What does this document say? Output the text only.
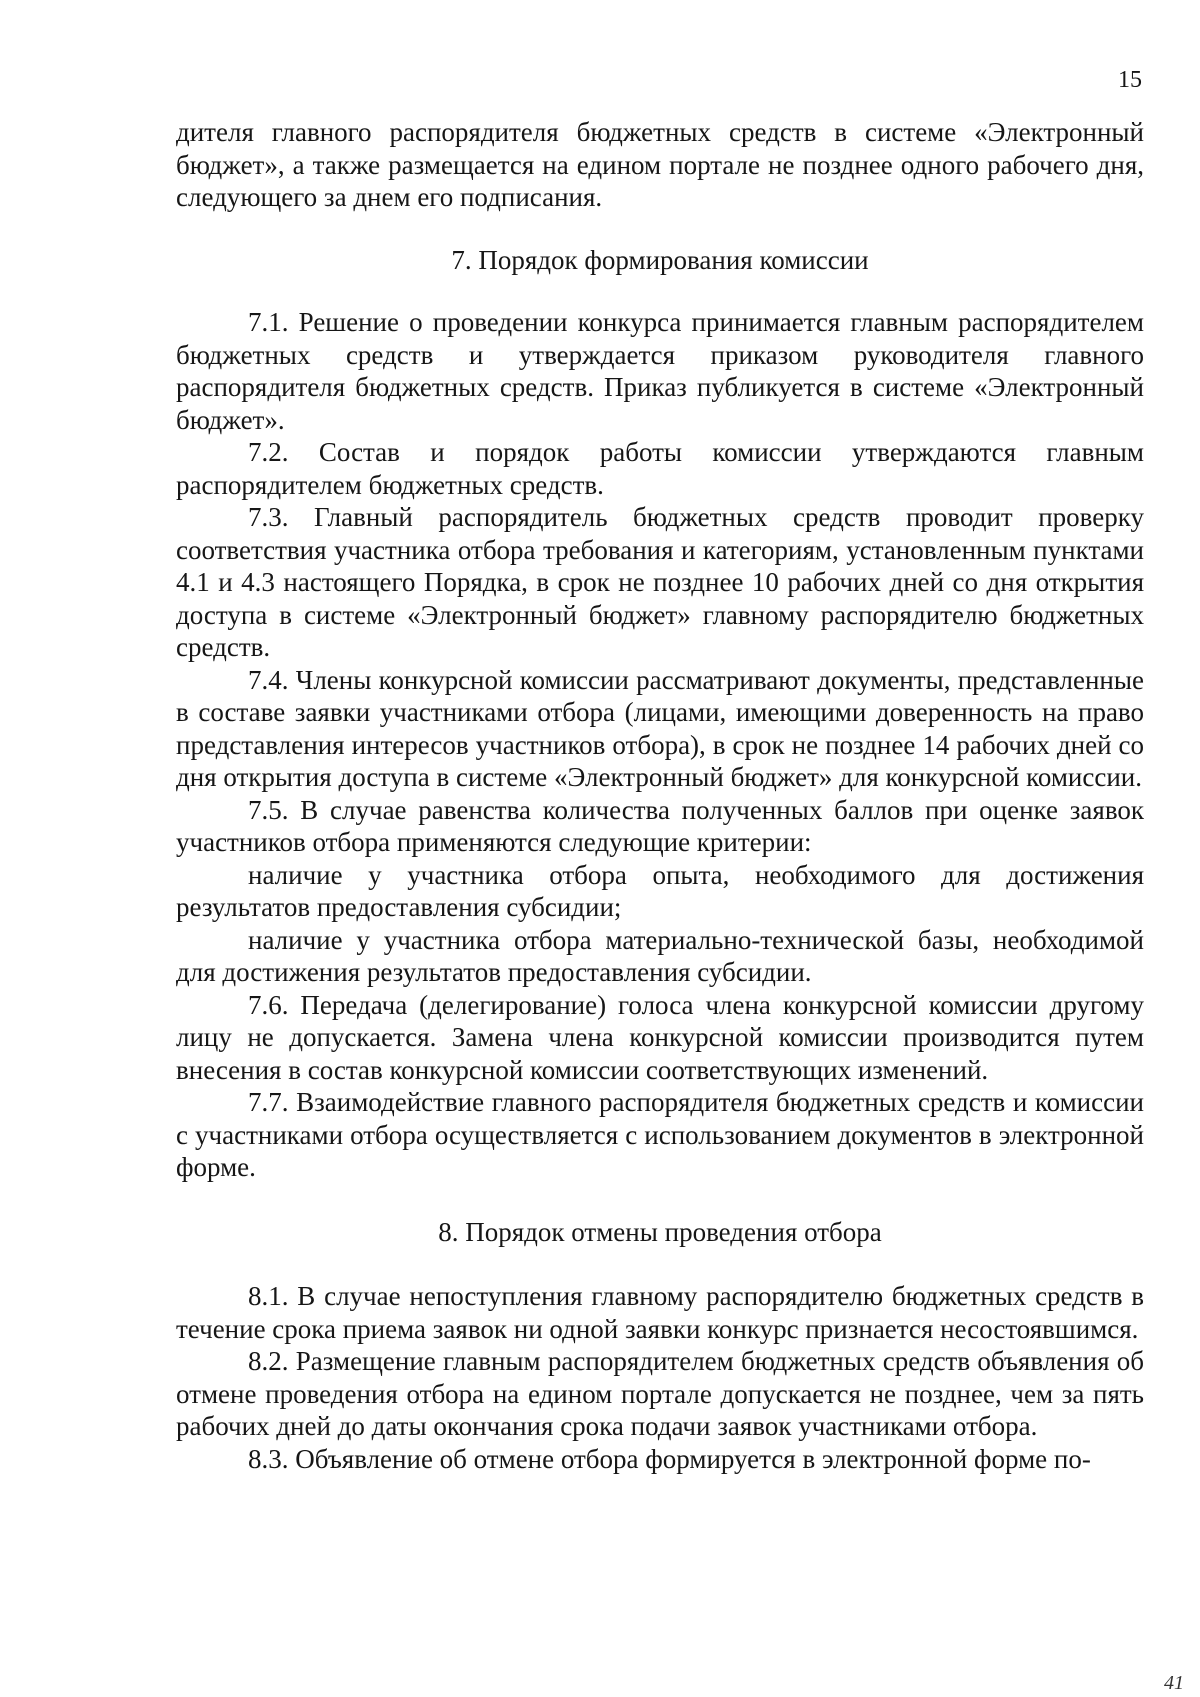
15

дителя главного распорядителя бюджетных средств в системе «Электронный бюджет», а также размещается на едином портале не позднее одного рабочего дня, следующего за днем его подписания.

7. Порядок формирования комиссии

7.1. Решение о проведении конкурса принимается главным распорядителем бюджетных средств и утверждается приказом руководителя главного распорядителя бюджетных средств. Приказ публикуется в системе «Электронный бюджет».

7.2. Состав и порядок работы комиссии утверждаются главным распорядителем бюджетных средств.

7.3. Главный распорядитель бюджетных средств проводит проверку соответствия участника отбора требования и категориям, установленным пунктами 4.1 и 4.3 настоящего Порядка, в срок не позднее 10 рабочих дней со дня открытия доступа в системе «Электронный бюджет» главному распорядителю бюджетных средств.

7.4. Члены конкурсной комиссии рассматривают документы, представленные в составе заявки участниками отбора (лицами, имеющими доверенность на право представления интересов участников отбора), в срок не позднее 14 рабочих дней со дня открытия доступа в системе «Электронный бюджет» для конкурсной комиссии.

7.5. В случае равенства количества полученных баллов при оценке заявок участников отбора применяются следующие критерии:

наличие у участника отбора опыта, необходимого для достижения результатов предоставления субсидии;

наличие у участника отбора материально-технической базы, необходимой для достижения результатов предоставления субсидии.

7.6. Передача (делегирование) голоса члена конкурсной комиссии другому лицу не допускается. Замена члена конкурсной комиссии производится путем внесения в состав конкурсной комиссии соответствующих изменений.

7.7. Взаимодействие главного распорядителя бюджетных средств и комиссии с участниками отбора осуществляется с использованием документов в электронной форме.

8. Порядок отмены проведения отбора

8.1. В случае непоступления главному распорядителю бюджетных средств в течение срока приема заявок ни одной заявки конкурс признается несостоявшимся.

8.2. Размещение главным распорядителем бюджетных средств объявления об отмене проведения отбора на едином портале допускается не позднее, чем за пять рабочих дней до даты окончания срока подачи заявок участниками отбора.

8.3. Объявление об отмене отбора формируется в электронной форме по-

41
